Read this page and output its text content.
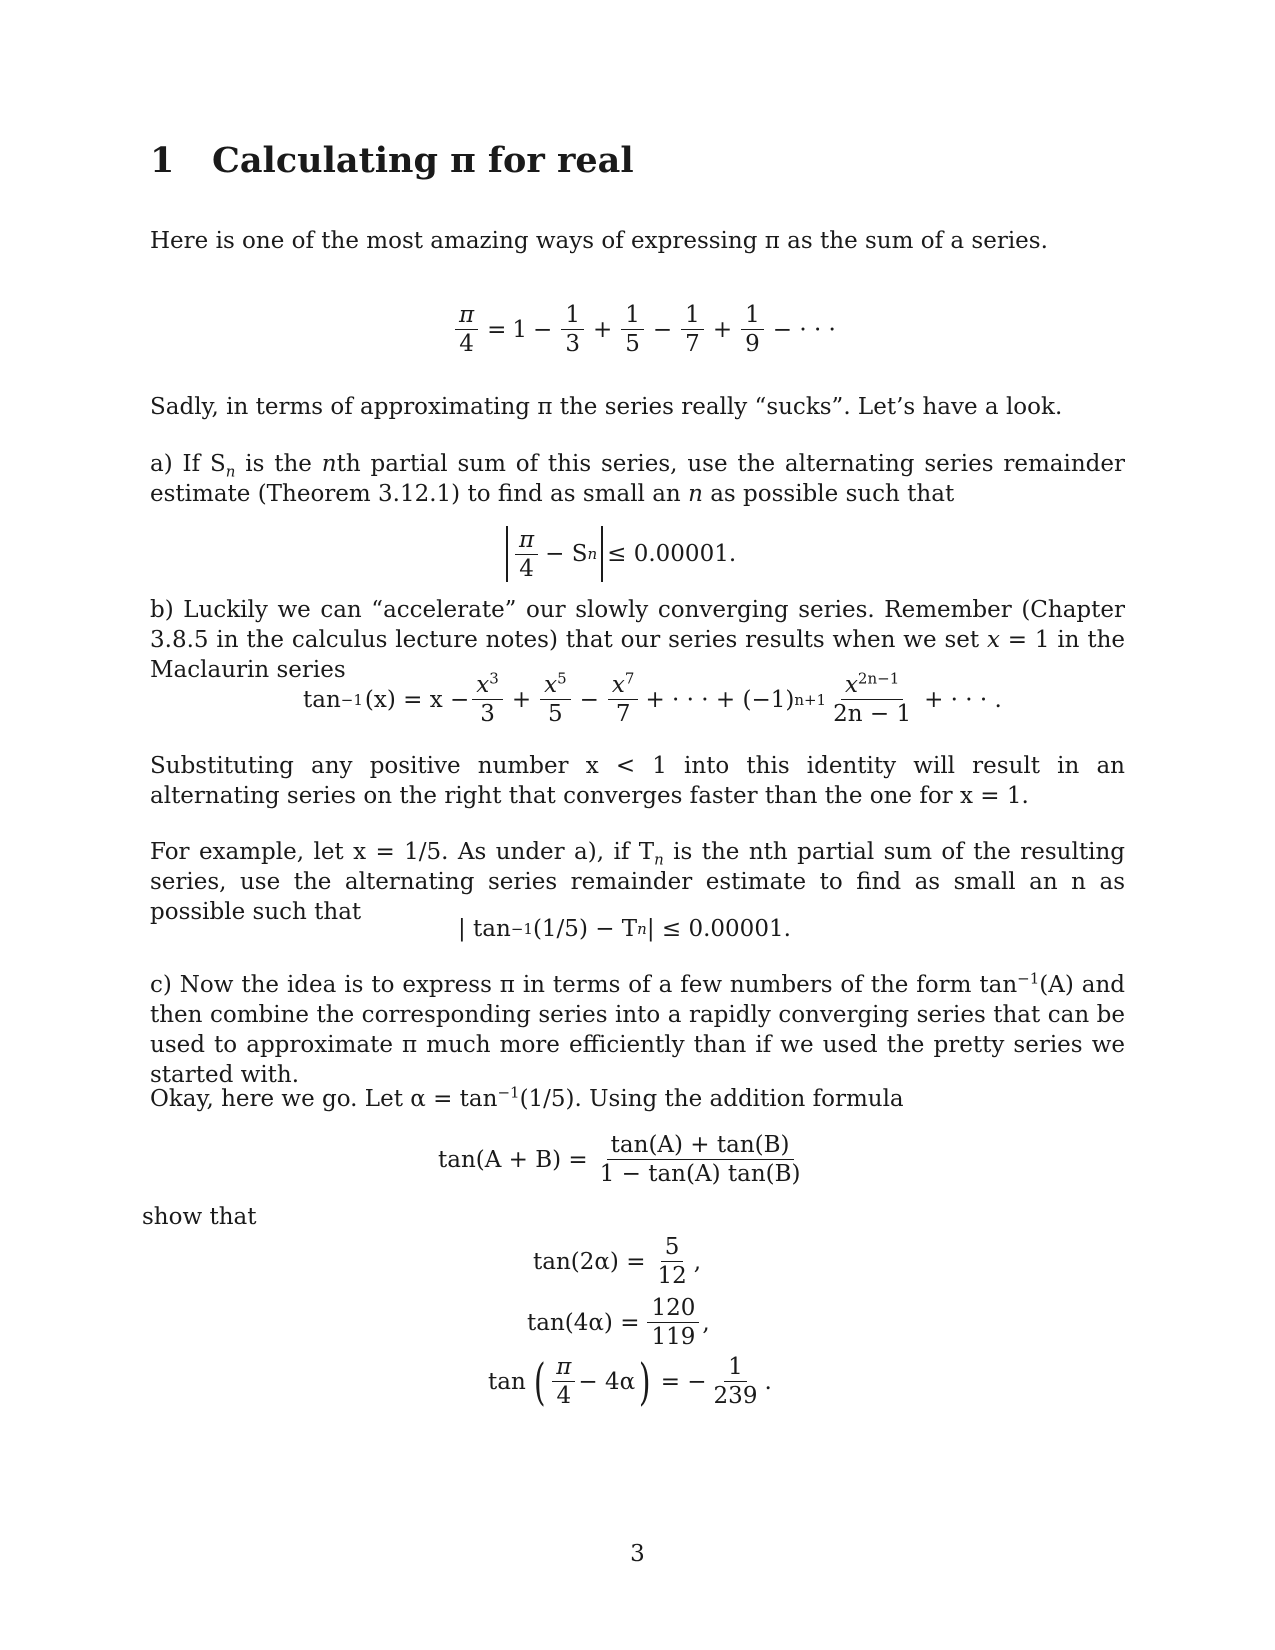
1 Calculating π for real

Here is one of the most amazing ways of expressing π as the sum of a series.

$\frac{\pi}{4} = 1 - \frac{1}{3} + \frac{1}{5} - \frac{1}{7} + \frac{1}{9}$ − · · ·

Sadly, in terms of approximating π the series really “sucks”. Let’s have a look.

a) If $S_n$ is the nth partial sum of this series, use the alternating series remainder estimate (Theorem 3.12.1) to find as small an n as possible such that

$\frac{\pi}{4} - S$ n ≤ 0.00001.

b) Luckily we can “accelerate” our slowly converging series. Remember (Chapter 3.8.5 in the calculus lecture notes) that our series results when we set x = 1 in the Maclaurin series

tan −1 $(x) = x - \frac{x^3}{3} + \frac{x^5}{5} - \frac{x^7}{7}$ + · · · + (−1) $n+1 \frac{x^{2n-1}}{2n - 1}$ + · · · .

Substituting any positive number x < 1 into this identity will result in an alternating series on the right that converges faster than the one for x = 1.

For example, let x = 1/5. As under a), if $T_n$ is the nth partial sum of the resulting series, use the alternating series remainder estimate to find as small an n as possible such that

| tan −1 (1/5) − T n | ≤ 0.00001.

c) Now the idea is to express π in terms of a few numbers of the form $\tan^{-1}(A)$ and then combine the corresponding series into a rapidly converging series that can be used to approximate π much more efficiently than if we used the pretty series we started with.

Okay, here we go. Let $\alpha = \tan^{-1}(1/5)$. Using the addition formula

$\tan(A + B) = \frac{\tan(A) + \tan(B)}{1 - \tan(A) \tan(B)}$
show that
$\tan(2\alpha) = \frac{5}{12}$ ,
$\tan(4\alpha) = \frac{120}{119}$ ,
tan ( $\frac{\pi}{4} - 4\alpha$ ) = − $\frac{1}{239}$ .
3
